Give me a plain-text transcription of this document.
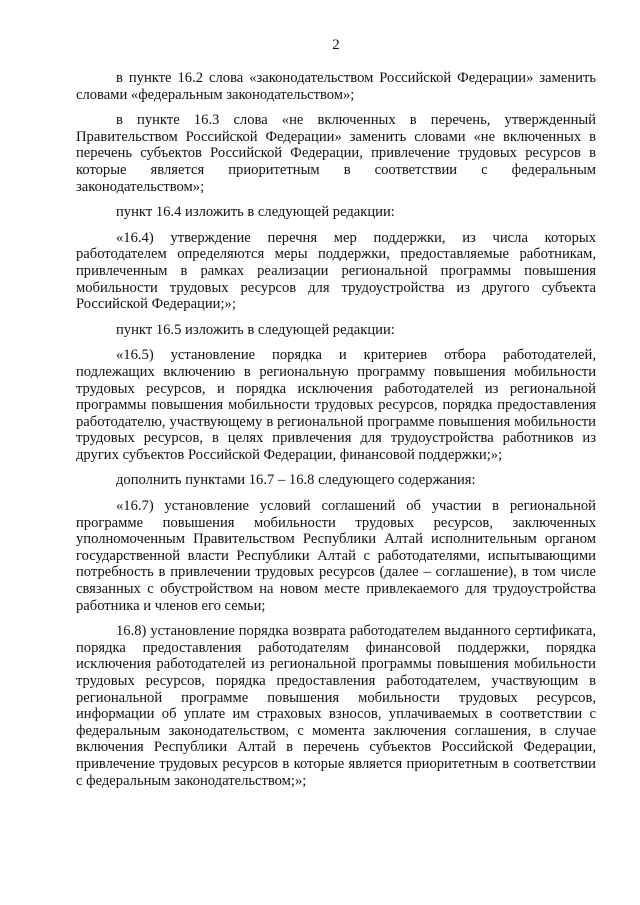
2

в пункте 16.2 слова «законодательством Российской Федерации» заменить словами «федеральным законодательством»;

в пункте 16.3 слова «не включенных в перечень, утвержденный Правительством Российской Федерации» заменить словами «не включенных в перечень субъектов Российской Федерации, привлечение трудовых ресурсов в которые является приоритетным в соответствии с федеральным законодательством»;

пункт 16.4 изложить в следующей редакции:

«16.4) утверждение перечня мер поддержки, из числа которых работодателем определяются меры поддержки, предоставляемые работникам, привлеченным в рамках реализации региональной программы повышения мобильности трудовых ресурсов для трудоустройства из другого субъекта Российской Федерации;»;

пункт 16.5 изложить в следующей редакции:

«16.5) установление порядка и критериев отбора работодателей, подлежащих включению в региональную программу повышения мобильности трудовых ресурсов, и порядка исключения работодателей из региональной программы повышения мобильности трудовых ресурсов, порядка предоставления работодателю, участвующему в региональной программе повышения мобильности трудовых ресурсов, в целях привлечения для трудоустройства работников из других субъектов Российской Федерации, финансовой поддержки;»;

дополнить пунктами 16.7 – 16.8 следующего содержания:

«16.7) установление условий соглашений об участии в региональной программе повышения мобильности трудовых ресурсов, заключенных уполномоченным Правительством Республики Алтай исполнительным органом государственной власти Республики Алтай с работодателями, испытывающими потребность в привлечении трудовых ресурсов (далее – соглашение), в том числе связанных с обустройством на новом месте привлекаемого для трудоустройства работника и членов его семьи;

16.8) установление порядка возврата работодателем выданного сертификата, порядка предоставления работодателям финансовой поддержки, порядка исключения работодателей из региональной программы повышения мобильности трудовых ресурсов, порядка предоставления работодателем, участвующим в региональной программе повышения мобильности трудовых ресурсов, информации об уплате им страховых взносов, уплачиваемых в соответствии с федеральным законодательством, с момента заключения соглашения, в случае включения Республики Алтай в перечень субъектов Российской Федерации, привлечение трудовых ресурсов в которые является приоритетным в соответствии с федеральным законодательством;»;
